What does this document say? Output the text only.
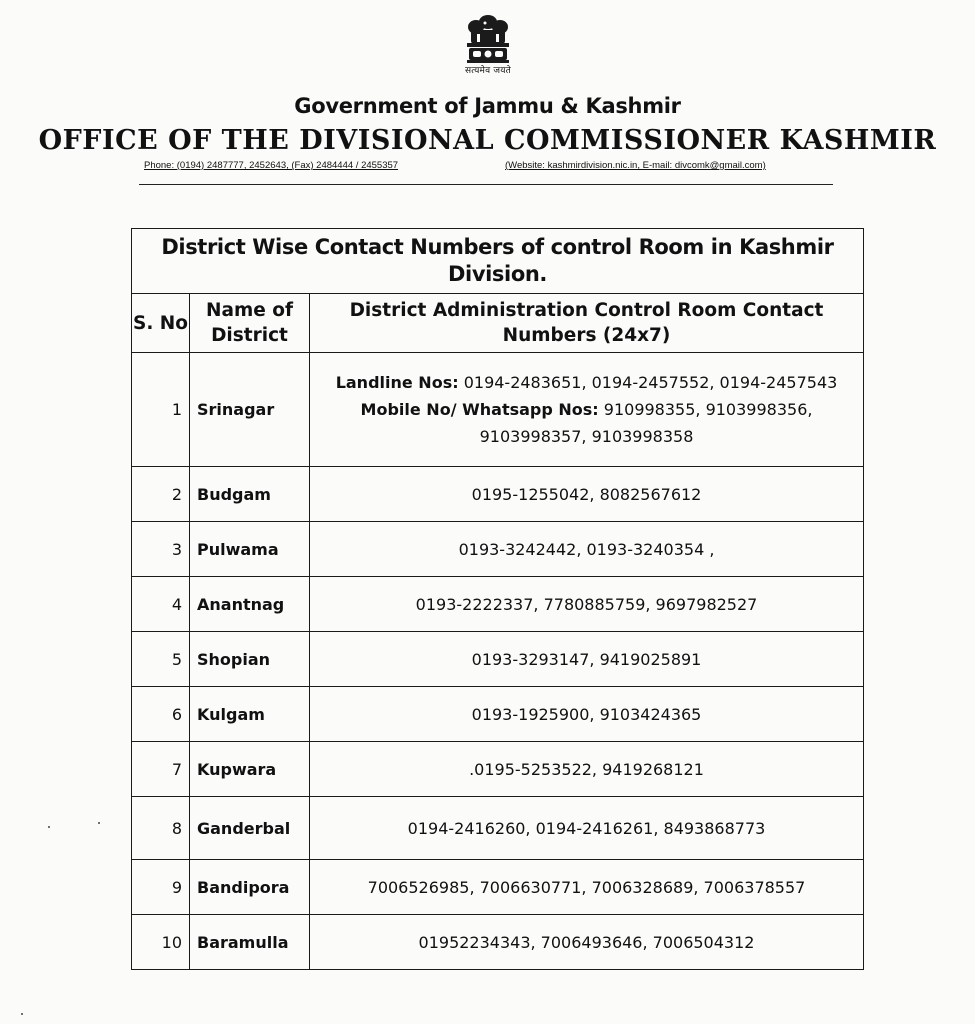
सत्यमेव जयते
Government of Jammu & Kashmir
OFFICE OF THE DIVISIONAL COMMISSIONER KASHMIR
Phone: (0194) 2487777, 2452643, (Fax) 2484444 / 2455357	(Website: kashmirdivision.nic.in, E-mail: divcomk@gmail.com)
District Wise Contact Numbers of control Room in Kashmir Division.		
S. No	Name of District	District Administration Control Room Contact Numbers (24x7)
1	Srinagar	Landline Nos: 0194-2483651, 0194-2457552, 0194-2457543
Mobile No/ Whatsapp Nos: 910998355, 9103998356,
9103998357, 9103998358

2	Budgam	0195-1255042, 8082567612
3	Pulwama	0193-3242442, 0193-3240354 ,
4	Anantnag	0193-2222337, 7780885759, 9697982527
5	Shopian	0193-3293147, 9419025891
6	Kulgam	0193-1925900, 9103424365
7	Kupwara	.0195-5253522, 9419268121
8	Ganderbal	0194-2416260, 0194-2416261, 8493868773
9	Bandipora	7006526985, 7006630771, 7006328689, 7006378557
10	Baramulla	01952234343, 7006493646, 7006504312
